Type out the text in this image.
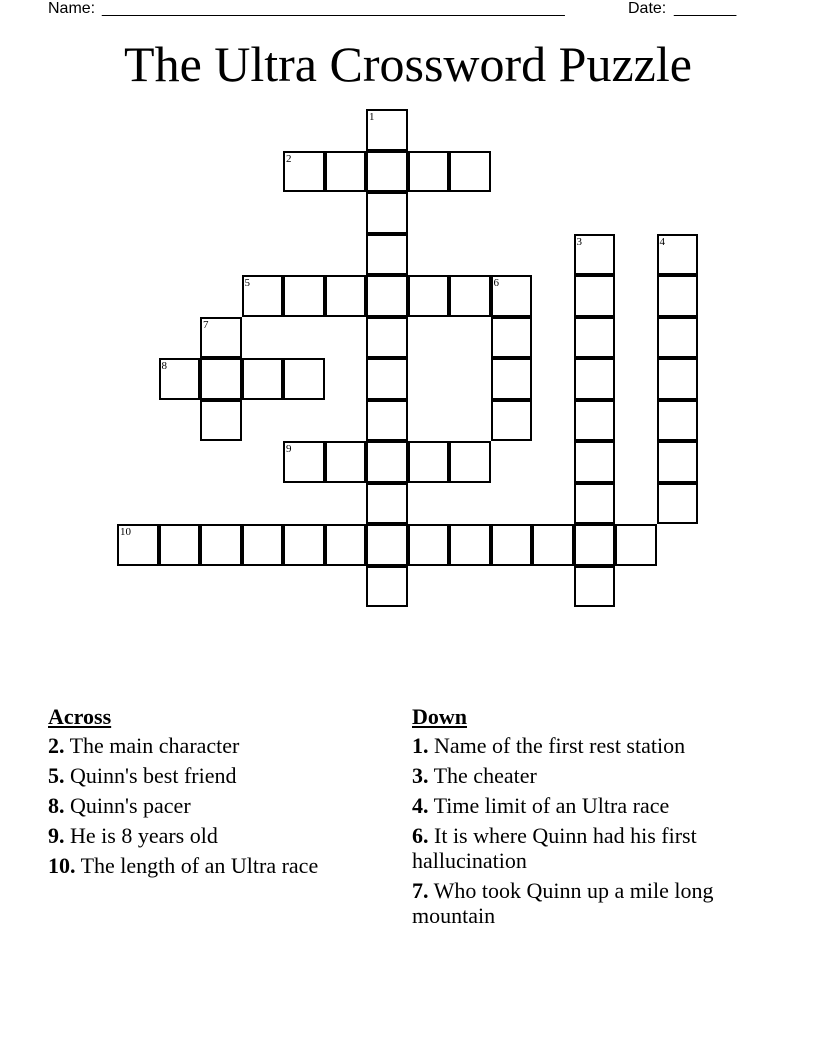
Name: ____________________________________________________	Date: _______
The Ultra Crossword Puzzle
1
2
3	4
5	6
7
8
9
10
Across
2. The main character
5. Quinn's best friend
8. Quinn's pacer
9. He is 8 years old
10. The length of an Ultra race
Down
1. Name of the first rest station
3. The cheater
4. Time limit of an Ultra race
6. It is where Quinn had his first hallucination
7. Who took Quinn up a mile long mountain
